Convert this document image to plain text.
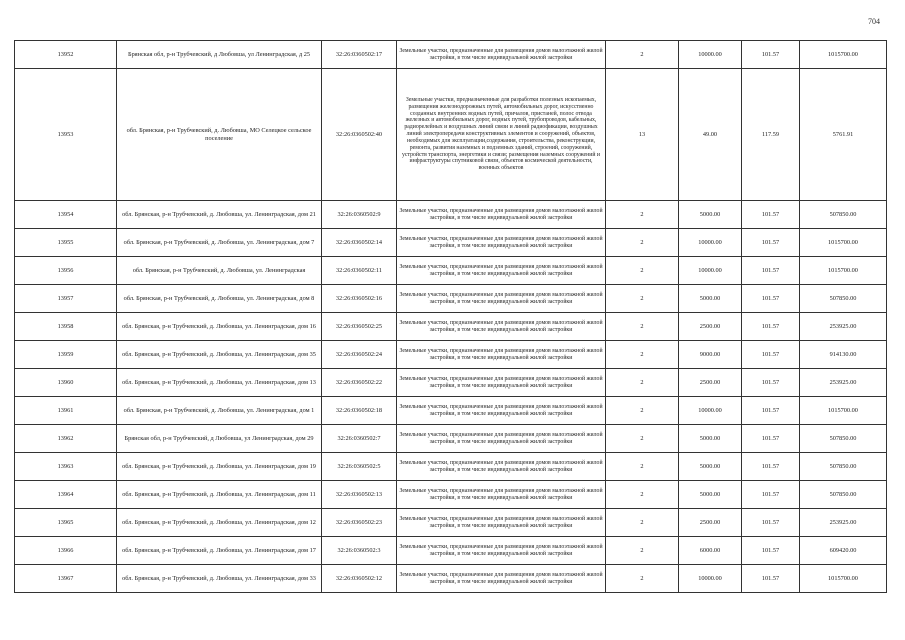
704
13952	Брянская обл, р-н Трубчевский, д Любовша, ул Ленинградская, д 25	32:26:0360502:17	Земельные участки, предназначенные для размещения домов малоэтажной жилой застройки, в том числе индивидуальной жилой застройки	2	10000.00	101.57	1015700.00
13953	обл. Брянская, р-н Трубчевский, д. Любовша, МО Селецкое сельское поселение	32:26:0360502:40	Земельные участки, предназначенные для разработки полезных ископаемых, размещения железнодорожных путей, автомобильных дорог, искусственно созданных внутренних водных путей, причалов, пристаней, полос отвода железных и автомобильных дорог, водных путей, трубопроводов, кабельных, радиорелейных и воздушных линий связи и линий радиофикации, воздушных линий электропередачи конструктивных элементов и сооружений, объектов, необходимых для эксплуатации,содержания, строительства, реконструкции, ремонта, развития наземных и подземных зданий, строений, сооружений, устройств транспорта, энергетики и связи; размещения наземных сооружений и инфраструктуры спутниковой связи, объектов космической деятельности, военных объектов	13	49.00	117.59	5761.91
13954	обл. Брянская, р-н Трубчевский, д. Любовша, ул. Ленинградская, дом 21	32:26:0360502:9	Земельные участки, предназначенные для размещения домов малоэтажной жилой застройки, в том числе индивидуальной жилой застройки	2	5000.00	101.57	507850.00
13955	обл. Брянская, р-н Трубчевский, д. Любовша, ул. Ленинградская, дом 7	32:26:0360502:14	Земельные участки, предназначенные для размещения домов малоэтажной жилой застройки, в том числе индивидуальной жилой застройки	2	10000.00	101.57	1015700.00
13956	обл. Брянская, р-н Трубчевский, д. Любовша, ул. Ленинградская	32:26:0360502:11	Земельные участки, предназначенные для размещения домов малоэтажной жилой застройки, в том числе индивидуальной жилой застройки	2	10000.00	101.57	1015700.00
13957	обл. Брянская, р-н Трубчевский, д. Любовша, ул. Ленинградская, дом 8	32:26:0360502:16	Земельные участки, предназначенные для размещения домов малоэтажной жилой застройки, в том числе индивидуальной жилой застройки	2	5000.00	101.57	507850.00
13958	обл. Брянская, р-н Трубчевский, д. Любовша, ул. Ленинградская, дом 16	32:26:0360502:25	Земельные участки, предназначенные для размещения домов малоэтажной жилой застройки, в том числе индивидуальной жилой застройки	2	2500.00	101.57	253925.00
13959	обл. Брянская, р-н Трубчевский, д. Любовша, ул. Ленинградская, дом 35	32:26:0360502:24	Земельные участки, предназначенные для размещения домов малоэтажной жилой застройки, в том числе индивидуальной жилой застройки	2	9000.00	101.57	914130.00
13960	обл. Брянская, р-н Трубчевский, д. Любовша, ул. Ленинградская, дом 13	32:26:0360502:22	Земельные участки, предназначенные для размещения домов малоэтажной жилой застройки, в том числе индивидуальной жилой застройки	2	2500.00	101.57	253925.00
13961	обл. Брянская, р-н Трубчевский, д. Любовша, ул. Ленинградская, дом 1	32:26:0360502:18	Земельные участки, предназначенные для размещения домов малоэтажной жилой застройки, в том числе индивидуальной жилой застройки	2	10000.00	101.57	1015700.00
13962	Брянская обл, р-н Трубчевский, д Любовша, ул Ленинградская, дом 29	32:26:0360502:7	Земельные участки, предназначенные для размещения домов малоэтажной жилой застройки, в том числе индивидуальной жилой застройки	2	5000.00	101.57	507850.00
13963	обл. Брянская, р-н Трубчевский, д. Любовша, ул. Ленинградская, дом 19	32:26:0360502:5	Земельные участки, предназначенные для размещения домов малоэтажной жилой застройки, в том числе индивидуальной жилой застройки	2	5000.00	101.57	507850.00
13964	обл. Брянская, р-н Трубчевский, д. Любовша, ул. Ленинградская, дом 11	32:26:0360502:13	Земельные участки, предназначенные для размещения домов малоэтажной жилой застройки, в том числе индивидуальной жилой застройки	2	5000.00	101.57	507850.00
13965	обл. Брянская, р-н Трубчевский, д. Любовша, ул. Ленинградская, дом 12	32:26:0360502:23	Земельные участки, предназначенные для размещения домов малоэтажной жилой застройки, в том числе индивидуальной жилой застройки	2	2500.00	101.57	253925.00
13966	обл. Брянская, р-н Трубчевский, д. Любовша, ул. Ленинградская, дом 17	32:26:0360502:3	Земельные участки, предназначенные для размещения домов малоэтажной жилой застройки, в том числе индивидуальной жилой застройки	2	6000.00	101.57	609420.00
13967	обл. Брянская, р-н Трубчевский, д. Любовша, ул. Ленинградская, дом 33	32:26:0360502:12	Земельные участки, предназначенные для размещения домов малоэтажной жилой застройки, в том числе индивидуальной жилой застройки	2	10000.00	101.57	1015700.00
